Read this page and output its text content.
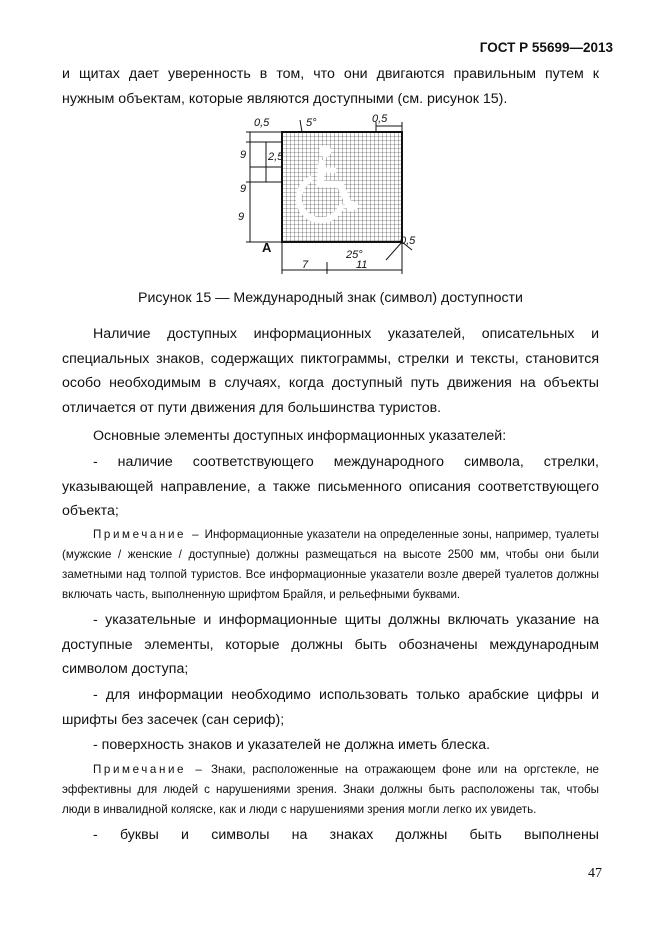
ГОСТ Р 55699—2013

и щитах дает уверенность в том, что они двигаются правильным путем к нужным объектам, которые являются доступными (см. рисунок 15).

0,5	5°	0,5
9 2,5
9
9
25°
0,5
7	11
A
Рисунок 15 — Международный знак (символ) доступности

Наличие доступных информационных указателей, описательных и специальных знаков, содержащих пиктограммы, стрелки и тексты, становится особо необходимым в случаях, когда доступный путь движения на объекты отличается от пути движения для большинства туристов.

Основные элементы доступных информационных указателей:

- наличие соответствующего международного символа, стрелки, указывающей направление, а также письменного описания соответствующего объекта;

Примечание – Информационные указатели на определенные зоны, например, туалеты (мужские / женские / доступные) должны размещаться на высоте 2500 мм, чтобы они были заметными над толпой туристов. Все информационные указатели возле дверей туалетов должны включать часть, выполненную шрифтом Брайля, и рельефными буквами.

- указательные и информационные щиты должны включать указание на доступные элементы, которые должны быть обозначены международным символом доступа;

- для информации необходимо использовать только арабские цифры и шрифты без засечек (сан сериф);

- поверхность знаков и указателей не должна иметь блеска.

Примечание – Знаки, расположенные на отражающем фоне или на оргстекле, не эффективны для людей с нарушениями зрения. Знаки должны быть расположены так, чтобы люди в инвалидной коляске, как и люди с нарушениями зрения могли легко их увидеть.

- буквы и символы на знаках должны быть выполнены

47
